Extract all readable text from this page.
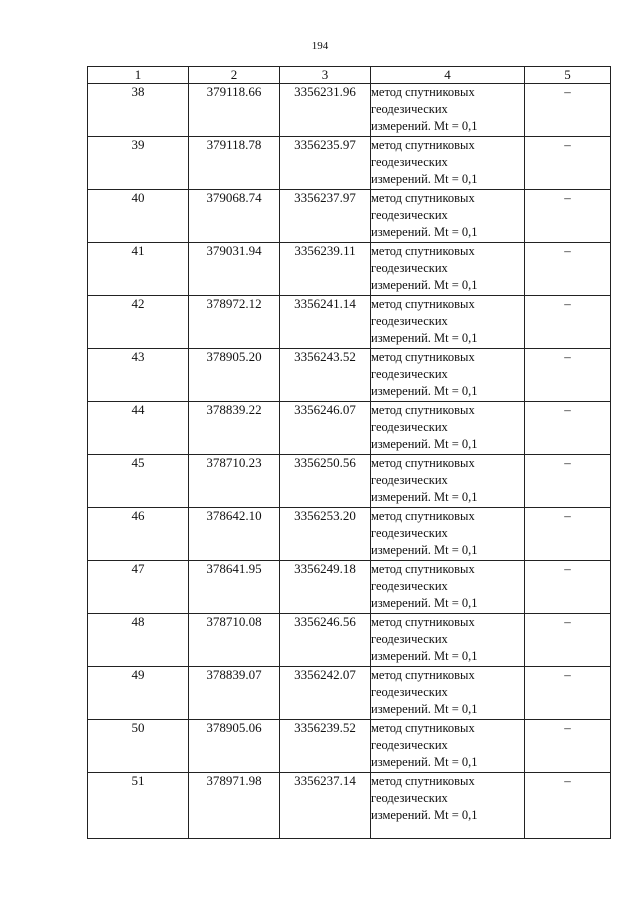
194
1	2	3	4	5
38	379118.66	3356231.96	метод спутниковых
геодезических
измерений. Mt = 0,1	–
39	379118.78	3356235.97	метод спутниковых
геодезических
измерений. Mt = 0,1	–
40	379068.74	3356237.97	метод спутниковых
геодезических
измерений. Mt = 0,1	–
41	379031.94	3356239.11	метод спутниковых
геодезических
измерений. Mt = 0,1	–
42	378972.12	3356241.14	метод спутниковых
геодезических
измерений. Mt = 0,1	–
43	378905.20	3356243.52	метод спутниковых
геодезических
измерений. Mt = 0,1	–
44	378839.22	3356246.07	метод спутниковых
геодезических
измерений. Mt = 0,1	–
45	378710.23	3356250.56	метод спутниковых
геодезических
измерений. Mt = 0,1	–
46	378642.10	3356253.20	метод спутниковых
геодезических
измерений. Mt = 0,1	–
47	378641.95	3356249.18	метод спутниковых
геодезических
измерений. Mt = 0,1	–
48	378710.08	3356246.56	метод спутниковых
геодезических
измерений. Mt = 0,1	–
49	378839.07	3356242.07	метод спутниковых
геодезических
измерений. Mt = 0,1	–
50	378905.06	3356239.52	метод спутниковых
геодезических
измерений. Mt = 0,1	–
51	378971.98	3356237.14	метод спутниковых
геодезических
измерений. Mt = 0,1	–
